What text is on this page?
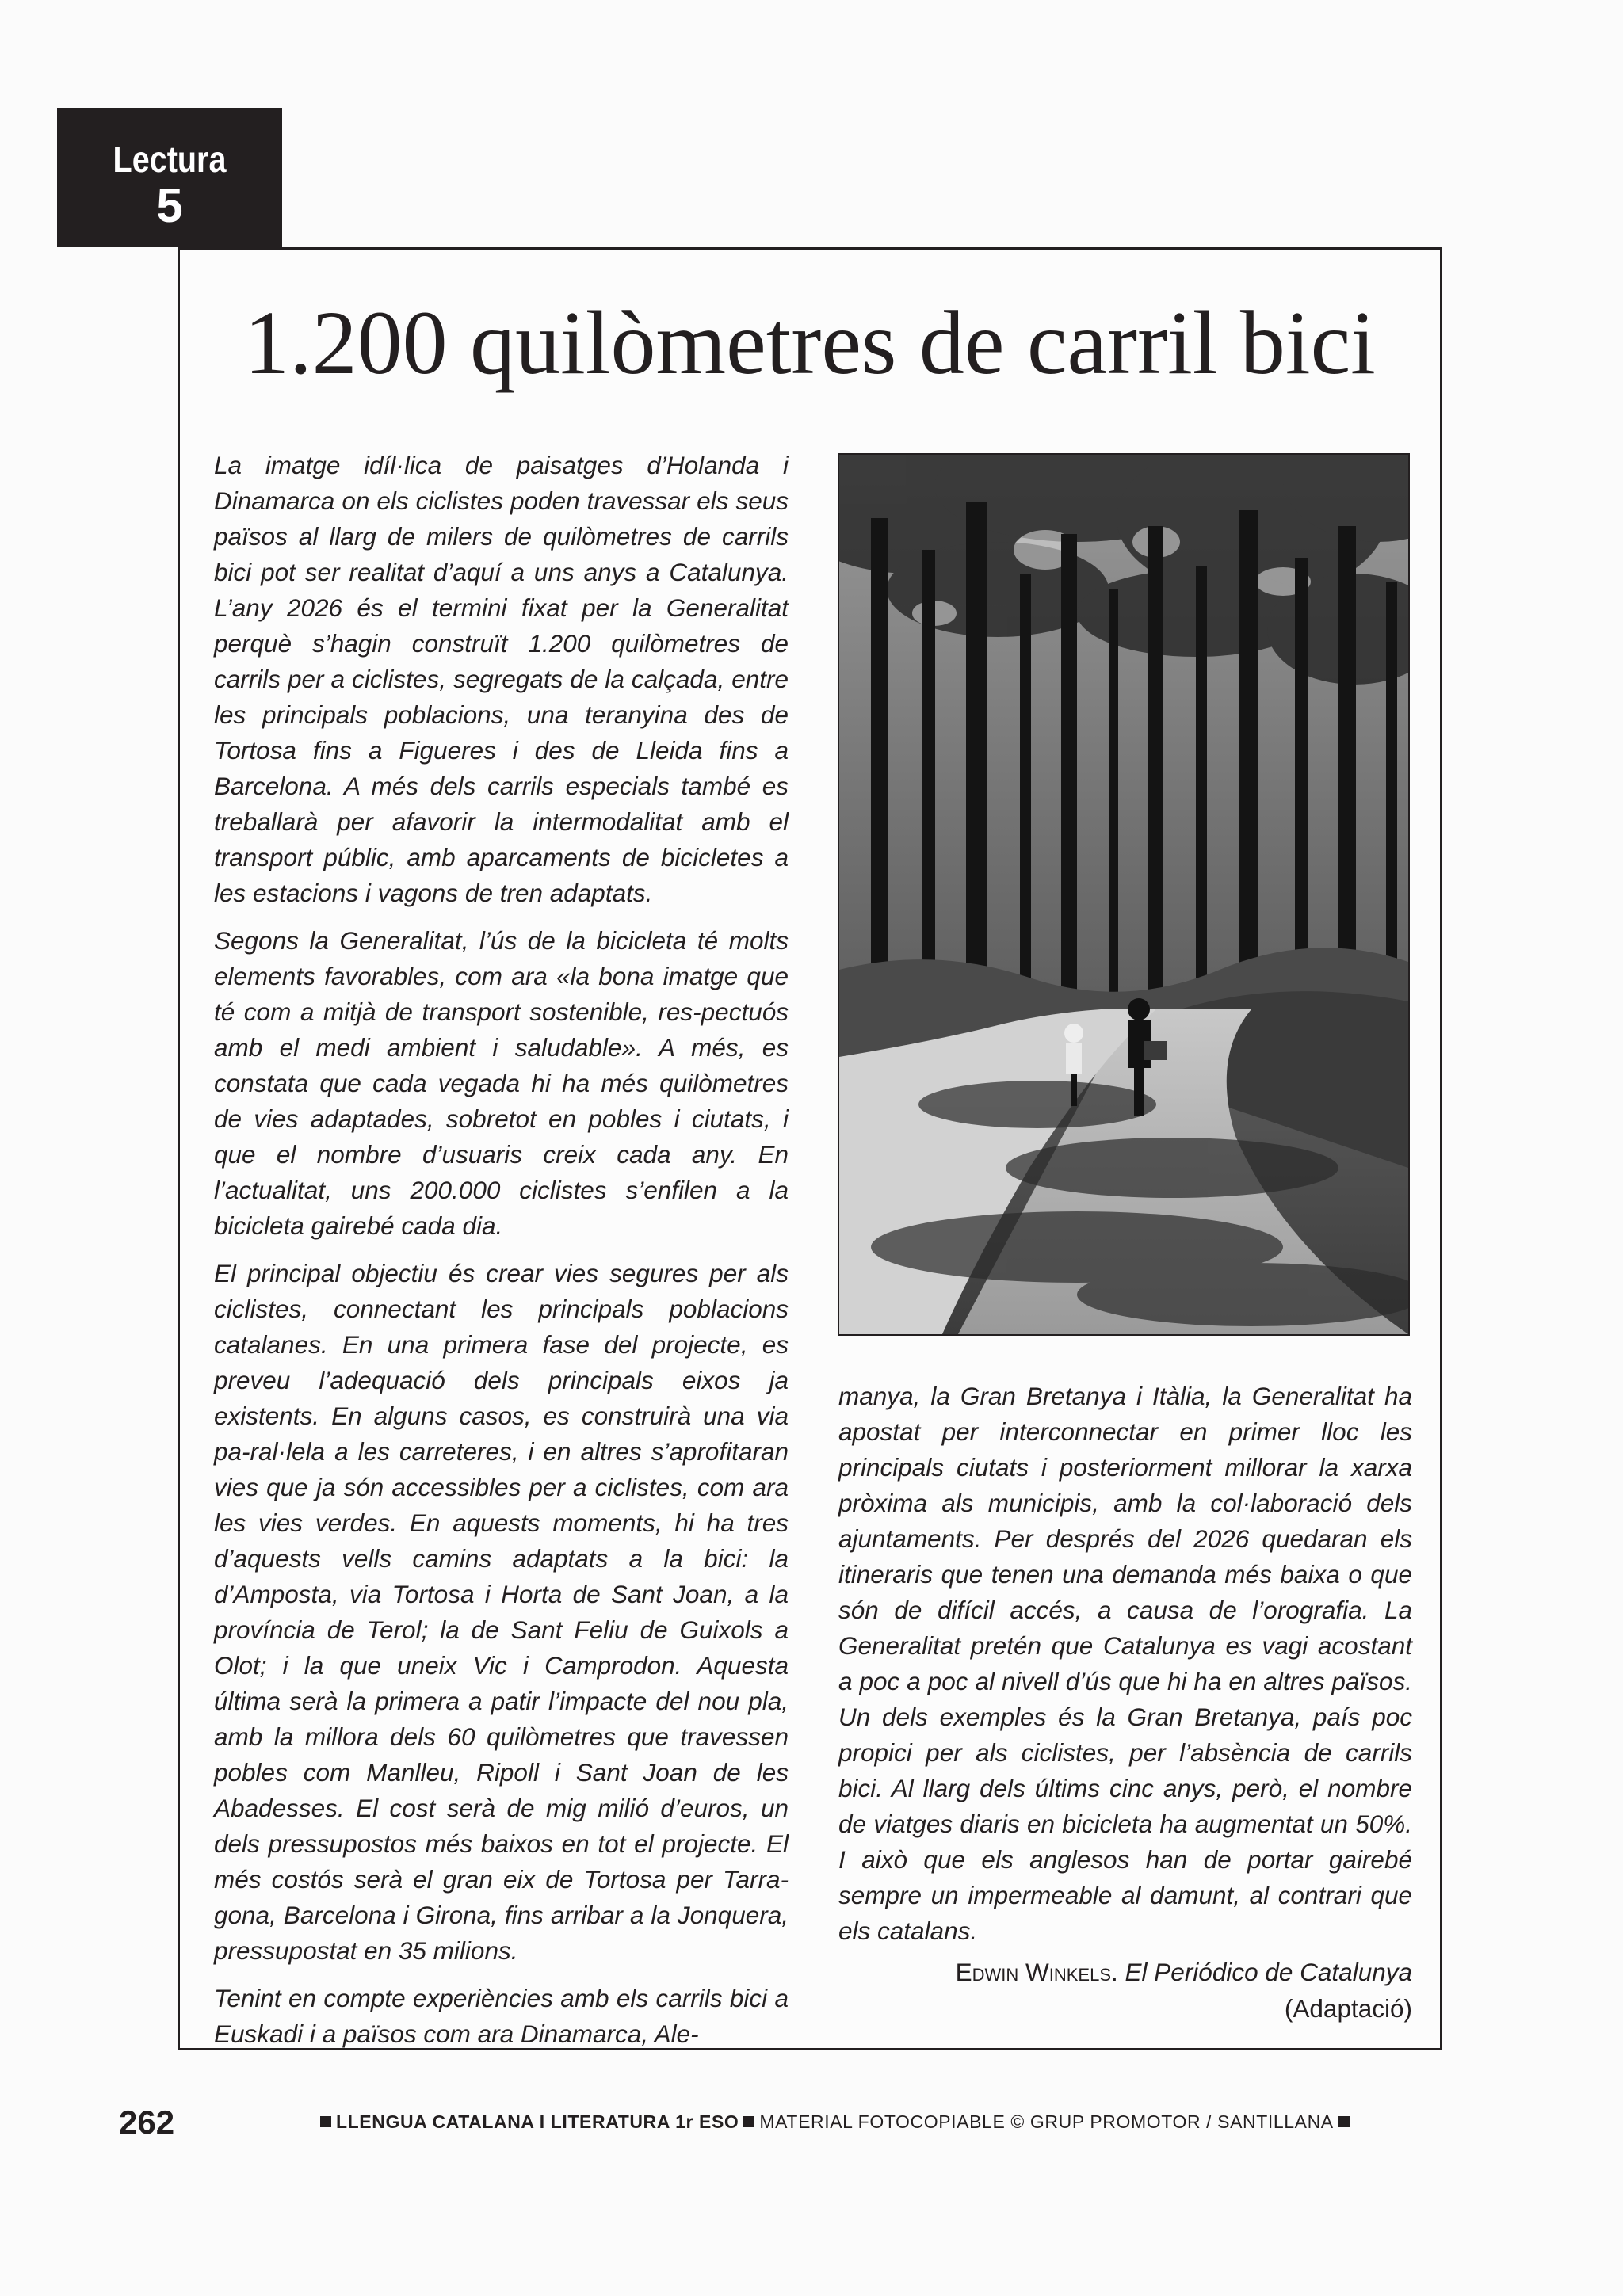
Lectura
5
1.200 quilòmetres de carril bici

La imatge idíl·lica de paisatges d’Holanda i Dinamarca on els ciclistes poden travessar els seus països al llarg de milers de quilòmetres de carrils bici pot ser realitat d’aquí a uns anys a Catalunya. L’any 2026 és el termini fixat per la Generalitat perquè s’hagin construït 1.200 quilòmetres de carrils per a ciclistes, segregats de la calçada, entre les principals poblacions, una teranyina des de Tortosa fins a Figueres i des de Lleida fins a Barcelona. A més dels carrils especials també es treballarà per afavorir la intermodalitat amb el transport públic, amb aparcaments de bicicletes a les estacions i vagons de tren adaptats.

Segons la Generalitat, l’ús de la bicicleta té molts elements favorables, com ara «la bona imatge que té com a mitjà de transport sostenible, res-pectuós amb el medi ambient i saludable». A més, es constata que cada vegada hi ha més quilòmetres de vies adaptades, sobretot en pobles i ciutats, i que el nombre d’usuaris creix cada any. En l’actualitat, uns 200.000 ciclistes s’enfilen a la bicicleta gairebé cada dia.

El principal objectiu és crear vies segures per als ciclistes, connectant les principals poblacions catalanes. En una primera fase del projecte, es preveu l’adequació dels principals eixos ja existents. En alguns casos, es construirà una via pa-ral·lela a les carreteres, i en altres s’aprofitaran vies que ja són accessibles per a ciclistes, com ara les vies verdes. En aquests moments, hi ha tres d’aquests vells camins adaptats a la bici: la d’Amposta, via Tortosa i Horta de Sant Joan, a la província de Terol; la de Sant Feliu de Guixols a Olot; i la que uneix Vic i Camprodon. Aquesta última serà la primera a patir l’impacte del nou pla, amb la millora dels 60 quilòmetres que travessen pobles com Manlleu, Ripoll i Sant Joan de les Abadesses. El cost serà de mig milió d’euros, un dels pressupostos més baixos en tot el projecte. El més costós serà el gran eix de Tortosa per Tarra-gona, Barcelona i Girona, fins arribar a la Jonquera, pressupostat en 35 milions.

Tenint en compte experiències amb els carrils bici a Euskadi i a països com ara Dinamarca, Ale-

manya, la Gran Bretanya i Itàlia, la Generalitat ha apostat per interconnectar en primer lloc les principals ciutats i posteriorment millorar la xarxa pròxima als municipis, amb la col·laboració dels ajuntaments. Per després del 2026 quedaran els itineraris que tenen una demanda més baixa o que són de difícil accés, a causa de l’orografia. La Generalitat pretén que Catalunya es vagi acostant a poc a poc al nivell d’ús que hi ha en altres països. Un dels exemples és la Gran Bretanya, país poc propici per als ciclistes, per l’absència de carrils bici. Al llarg dels últims cinc anys, però, el nombre de viatges diaris en bicicleta ha augmentat un 50%. I això que els anglesos han de portar gairebé sempre un impermeable al damunt, al contrari que els catalans.

Edwin Winkels. El Periódico de Catalunya
(Adaptació)
262	LLENGUA CATALANA I LITERATURA 1r ESO MATERIAL FOTOCOPIABLE © GRUP PROMOTOR / SANTILLANA
